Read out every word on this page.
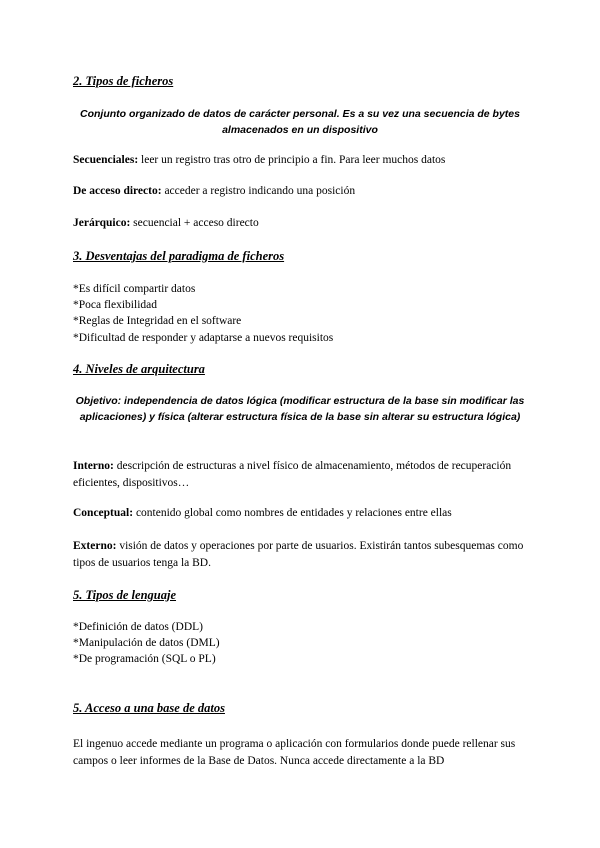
2. Tipos de ficheros
Conjunto organizado de datos de carácter personal. Es a su vez una secuencia de bytes almacenados en un dispositivo
Secuenciales: leer un registro tras otro de principio a fin. Para leer muchos datos
De acceso directo: acceder a registro indicando una posición
Jerárquico: secuencial + acceso directo
3. Desventajas del paradigma de ficheros
*Es difícil compartir datos
*Poca flexibilidad
*Reglas de Integridad en el software
*Dificultad de responder y adaptarse a nuevos requisitos
4. Niveles de arquitectura
Objetivo: independencia de datos lógica (modificar estructura de la base sin modificar las aplicaciones) y física (alterar estructura física de la base sin alterar su estructura lógica)
Interno: descripción de estructuras a nivel físico de almacenamiento, métodos de recuperación eficientes, dispositivos…
Conceptual: contenido global como nombres de entidades y relaciones entre ellas
Externo: visión de datos y operaciones por parte de usuarios. Existirán tantos subesquemas como tipos de usuarios tenga la BD.
5. Tipos de lenguaje
*Definición de datos (DDL)
*Manipulación de datos (DML)
*De programación (SQL o PL)
5. Acceso a una base de datos
El ingenuo accede mediante un programa o aplicación con formularios donde puede rellenar sus campos o leer informes de la Base de Datos. Nunca accede directamente a la BD
